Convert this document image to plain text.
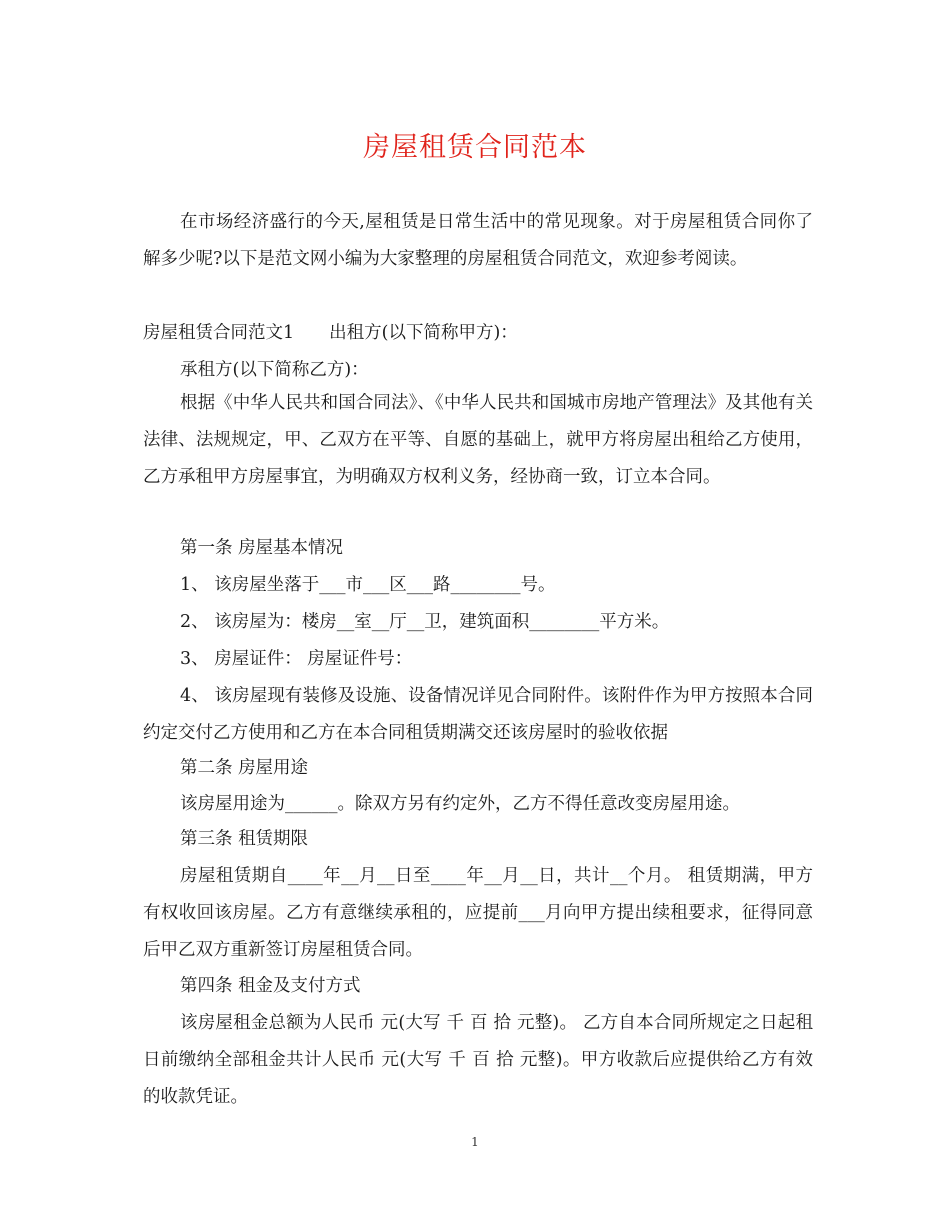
房屋租赁合同范本
在市场经济盛行的今天,屋租赁是日常生活中的常见现象。对于房屋租赁合同你了解多少呢?以下是范文网小编为大家整理的房屋租赁合同范文，欢迎参考阅读。
房屋租赁合同范文1　　出租方(以下简称甲方)：
承租方(以下简称乙方)：
根据《中华人民共和国合同法》、《中华人民共和国城市房地产管理法》及其他有关法律、法规规定，甲、乙双方在平等、自愿的基础上，就甲方将房屋出租给乙方使用，乙方承租甲方房屋事宜，为明确双方权利义务，经协商一致，订立本合同。
第一条 房屋基本情况
1、 该房屋坐落于___市___区___路________号。
2、 该房屋为：楼房__室__厅__卫，建筑面积________平方米。
3、 房屋证件： 房屋证件号：
4、 该房屋现有装修及设施、设备情况详见合同附件。该附件作为甲方按照本合同约定交付乙方使用和乙方在本合同租赁期满交还该房屋时的验收依据
第二条 房屋用途
该房屋用途为______。除双方另有约定外，乙方不得任意改变房屋用途。
第三条 租赁期限
房屋租赁期自____年__月__日至____年__月__日，共计__个月。 租赁期满，甲方有权收回该房屋。乙方有意继续承租的，应提前___月向甲方提出续租要求，征得同意后甲乙双方重新签订房屋租赁合同。
第四条 租金及支付方式
该房屋租金总额为人民币 元(大写 千 百 拾 元整)。 乙方自本合同所规定之日起租日前缴纳全部租金共计人民币 元(大写 千 百 拾 元整)。甲方收款后应提供给乙方有效的收款凭证。
1
